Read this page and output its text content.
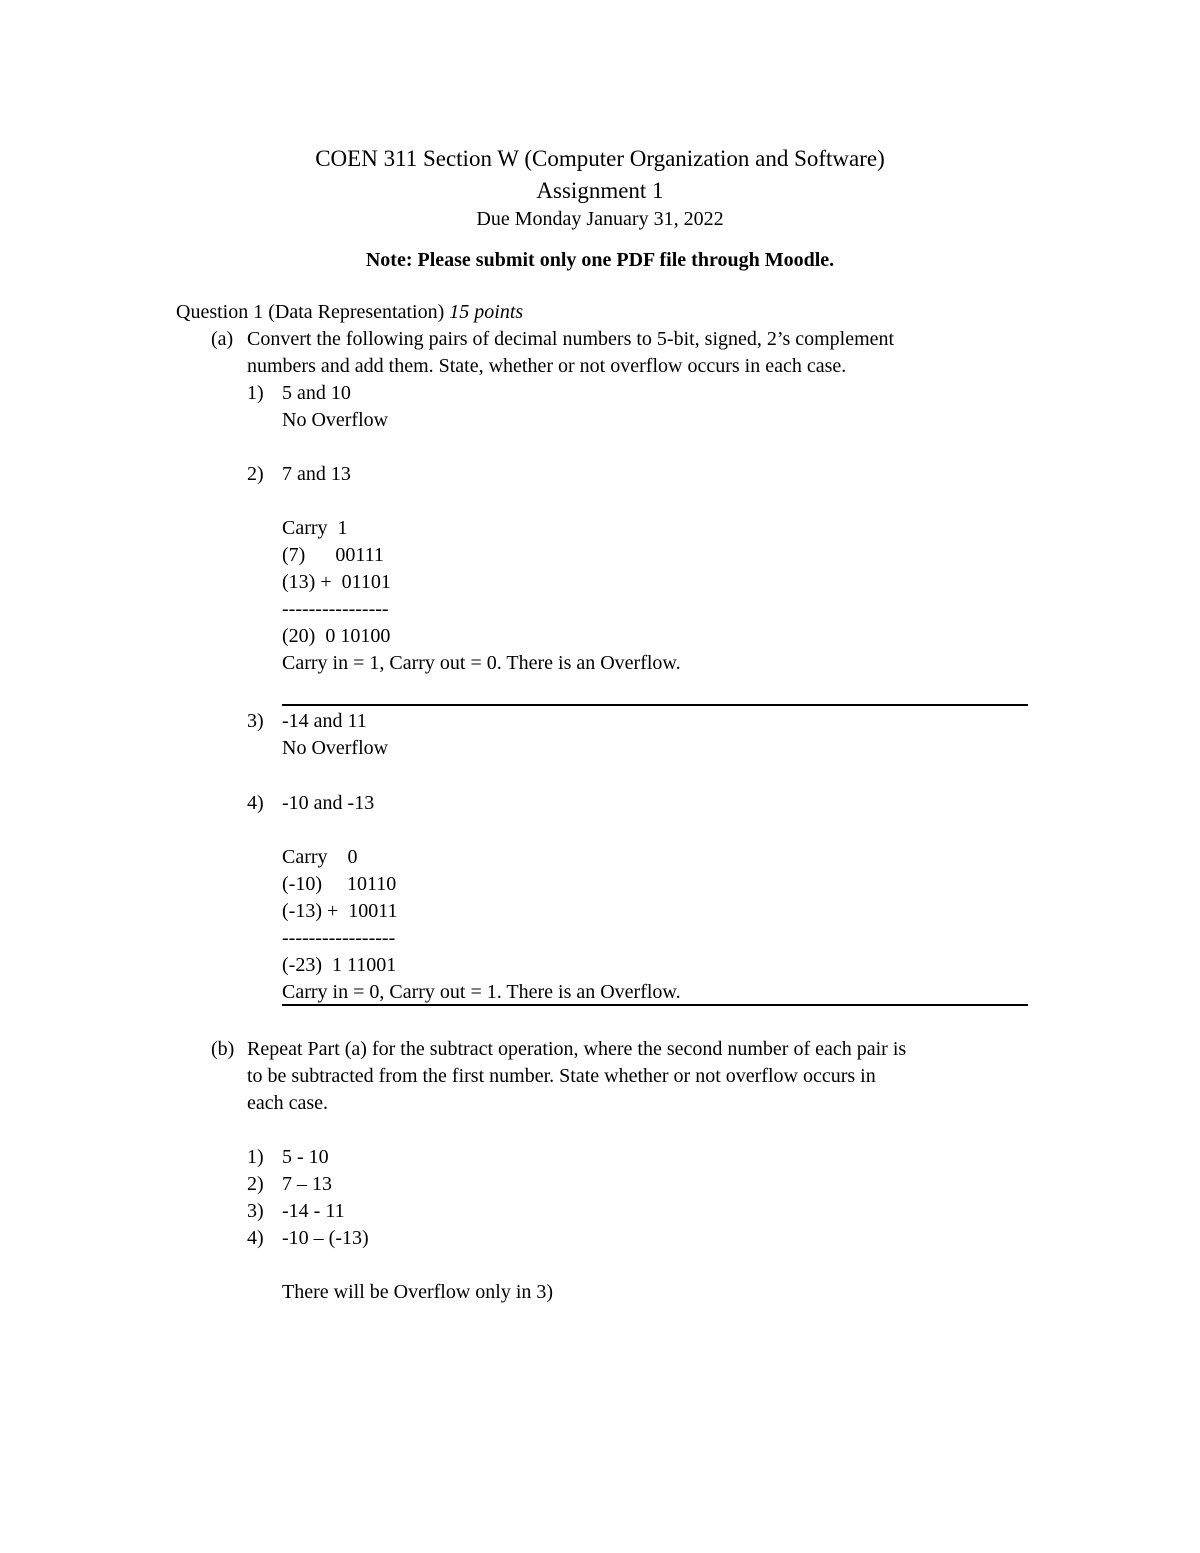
COEN 311 Section W (Computer Organization and Software)
Assignment 1
Due Monday January 31, 2022
Note: Please submit only one PDF file through Moodle.
Question 1 (Data Representation) 15 points
(a) Convert the following pairs of decimal numbers to 5-bit, signed, 2’s complement
numbers and add them. State, whether or not overflow occurs in each case.
1) 5 and 10
No Overflow
2) 7 and 13
Carry  1
(7)      00111
(13) +  01101
----------------
(20)  0 10100
Carry in = 1, Carry out = 0. There is an Overflow.
3) -14 and 11
No Overflow
4) -10 and -13
Carry    0
(-10)     10110
(-13) +  10011
-----------------
(-23)  1 11001
Carry in = 0, Carry out = 1. There is an Overflow.
(b) Repeat Part (a) for the subtract operation, where the second number of each pair is
to be subtracted from the first number. State whether or not overflow occurs in
each case.
1) 5 - 10
2) 7 – 13
3) -14 - 11
4) -10 – (-13)
There will be Overflow only in 3)
